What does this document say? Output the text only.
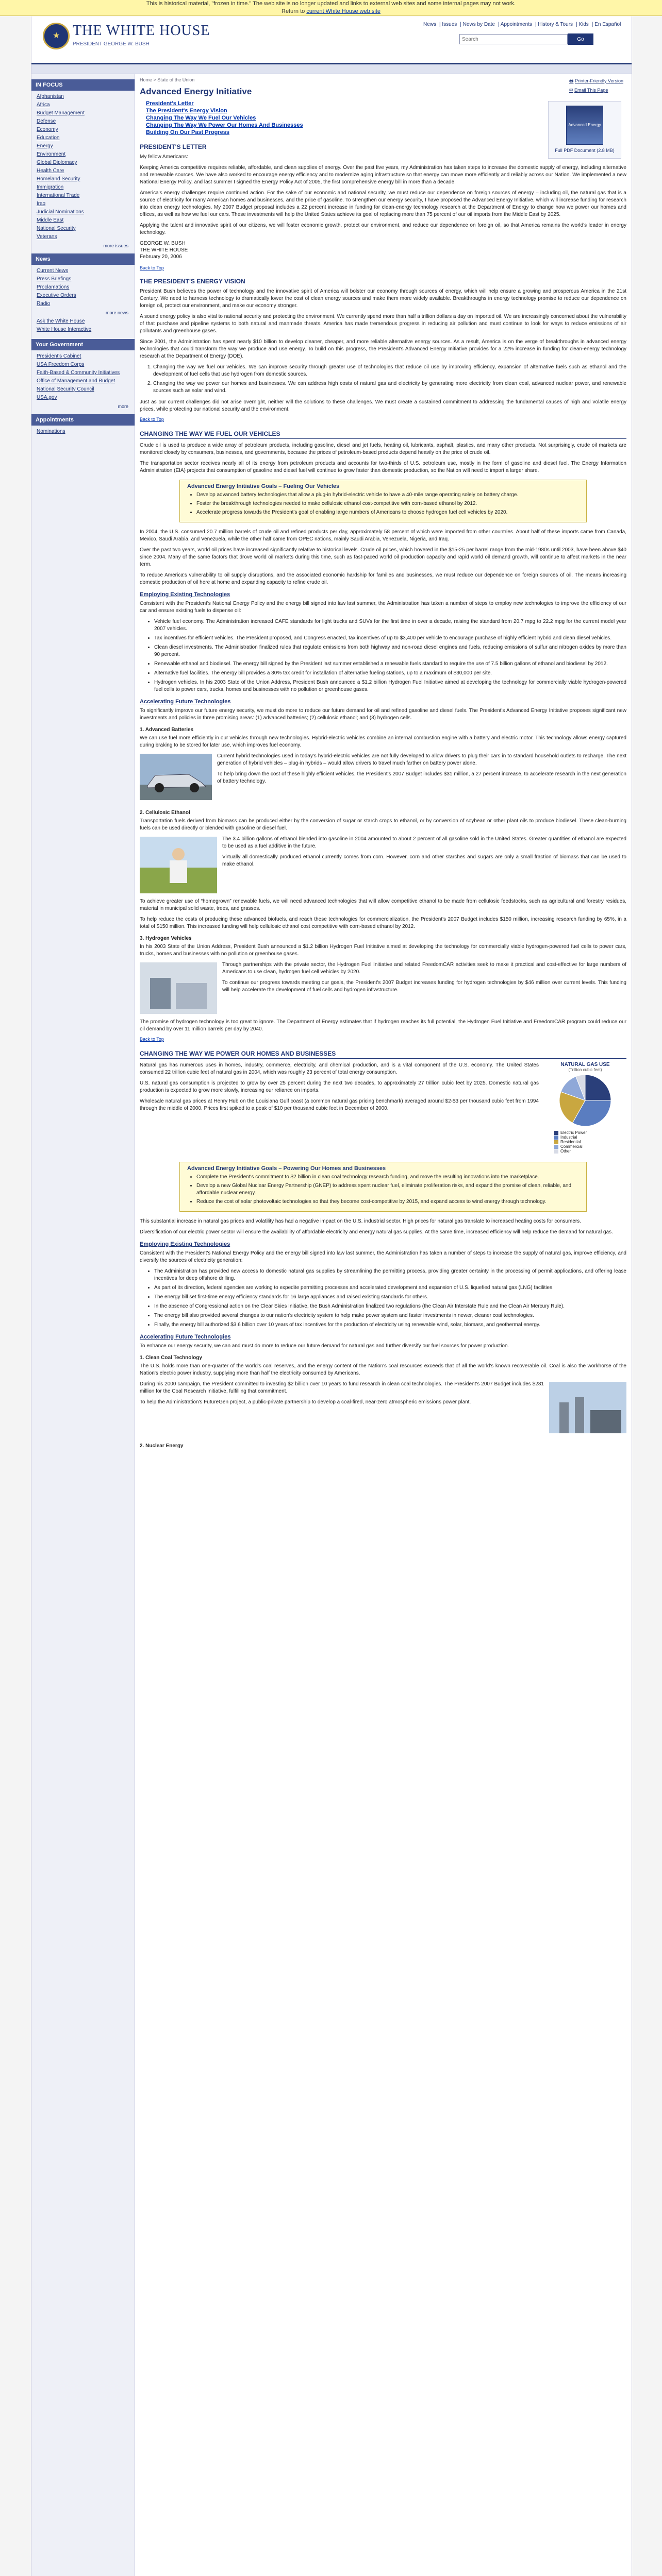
This is historical material, "frozen in time." The web site is no longer updated and links to external web sites and some internal pages may not work.
Return to current White House web site
★ THE WHITE HOUSE
PRESIDENT GEORGE W. BUSH
News | Issues | News by Date | Appointments | History & Tours | Kids | En Español
Search
Go
IN FOCUS
Afghanistan
Africa
Budget Management
Defense
Economy
Education
Energy
Environment
Global Diplomacy
Health Care
Homeland Security
Immigration
International Trade
Iraq
Judicial Nominations
Middle East
National Security
Veterans
more issues
News
Current News
Press Briefings
Proclamations
Executive Orders
Radio
more news
Ask the White House
White House Interactive
Your Government
President's Cabinet
USA Freedom Corps
Faith-Based & Community Initiatives
Office of Management and Budget
National Security Council
USA.gov
more
Appointments
Nominations
Home > State of the Union	🖶 Printer-Friendly Version
✉ Email This Page
Advanced Energy Initiative
President's Letter
The President's Energy Vision
Changing The Way We Fuel Our Vehicles
Changing The Way We Power Our Homes And Businesses
Building On Our Past Progress
Advanced Energy Initiative
Full PDF Document (2.8 MB)
PRESIDENT'S LETTER

My fellow Americans:

Keeping America competitive requires reliable, affordable, and clean supplies of energy. Over the past five years, my Administration has taken steps to increase the domestic supply of energy, including alternative and renewable sources. We have also worked to encourage energy efficiency and to modernize aging infrastructure so that energy can move more efficiently and reliably across our Nation. We implemented a new National Energy Policy, and last summer I signed the Energy Policy Act of 2005, the first comprehensive energy bill in more than a decade.

America's energy challenges require continued action. For the sake of our economic and national security, we must reduce our dependence on foreign sources of energy – including oil, the natural gas that is a source of electricity for many American homes and businesses, and the price of gasoline. To strengthen our energy security, I have proposed the Advanced Energy Initiative, which will increase funding for research into clean energy technologies. My 2007 Budget proposal includes a 22 percent increase in funding for clean-energy technology research at the Department of Energy to change how we power our homes and offices, as well as how we fuel our cars. These investments will help the United States achieve its goal of replacing more than 75 percent of our oil imports from the Middle East by 2025.

Applying the talent and innovative spirit of our citizens, we will foster economic growth, protect our environment, and reduce our dependence on foreign oil, so that America remains the world's leader in energy technology.

GEORGE W. BUSH
THE WHITE HOUSE
February 20, 2006
Back to Top
THE PRESIDENT'S ENERGY VISION

President Bush believes the power of technology and the innovative spirit of America will bolster our economy through sources of energy, which will help ensure a growing and prosperous America in the 21st Century. We need to harness technology to dramatically lower the cost of clean energy sources and make them more widely available. Breakthroughs in energy technology promise to reduce our dependence on foreign oil, protect our environment, and make our economy stronger.

A sound energy policy is also vital to national security and protecting the environment. We currently spend more than half a trillion dollars a day on imported oil. We are increasingly concerned about the vulnerability of that purchase and pipeline systems to both natural and manmade threats. America has made tremendous progress in reducing air pollution and must continue to look for ways to reduce emissions of air pollutants and greenhouse gases.

Since 2001, the Administration has spent nearly $10 billion to develop cleaner, cheaper, and more reliable alternative energy sources. As a result, America is on the verge of breakthroughs in advanced energy technologies that could transform the way we produce and use energy. To build on this progress, the President's Advanced Energy Initiative provides for a 22% increase in funding for clean-energy technology research at the Department of Energy (DOE).

1. Changing the way we fuel our vehicles. We can improve security through greater use of technologies that reduce oil use by improving efficiency, expansion of alternative fuels such as ethanol and the development of fuel cells that use hydrogen from domestic sources.
2. Changing the way we power our homes and businesses. We can address high costs of natural gas and electricity by generating more electricity from clean coal, advanced nuclear power, and renewable sources such as solar and wind.

Just as our current challenges did not arise overnight, neither will the solutions to these challenges. We must create a sustained commitment to addressing the fundamental causes of high and volatile energy prices, while protecting our national security and the environment.

Back to Top
CHANGING THE WAY WE FUEL OUR VEHICLES

Crude oil is used to produce a wide array of petroleum products, including gasoline, diesel and jet fuels, heating oil, lubricants, asphalt, plastics, and many other products. Not surprisingly, crude oil markets are monitored closely by consumers, businesses, and governments, because the prices of petroleum-based products depend heavily on the price of crude oil.

The transportation sector receives nearly all of its energy from petroleum products and accounts for two-thirds of U.S. petroleum use, mostly in the form of gasoline and diesel fuel. The Energy Information Administration (EIA) projects that consumption of gasoline and diesel fuel will continue to grow faster than domestic production, so the Nation will need to import a larger share.

Advanced Energy Initiative Goals – Fueling Our Vehicles
• Develop advanced battery technologies that allow a plug-in hybrid-electric vehicle to have a 40-mile range operating solely on battery charge.
• Foster the breakthrough technologies needed to make cellulosic ethanol cost-competitive with corn-based ethanol by 2012.
• Accelerate progress towards the President's goal of enabling large numbers of Americans to choose hydrogen fuel cell vehicles by 2020.

In 2004, the U.S. consumed 20.7 million barrels of crude oil and refined products per day, approximately 58 percent of which were imported from other countries. About half of these imports came from Canada, Mexico, Saudi Arabia, and Venezuela, while the other half came from OPEC nations, mainly Saudi Arabia, Venezuela, Nigeria, and Iraq.

Over the past two years, world oil prices have increased significantly relative to historical levels. Crude oil prices, which hovered in the $15-25 per barrel range from the mid-1980s until 2003, have been above $40 since 2004. Many of the same factors that drove world oil markets during this time, such as fast-paced world oil production capacity and rapid world oil demand growth, will continue to affect markets in the near term.

To reduce America's vulnerability to oil supply disruptions, and the associated economic hardship for families and businesses, we must reduce our dependence on foreign sources of oil. The means increasing domestic production of oil here at home and expanding capacity to refine crude oil.

Employing Existing Technologies

Consistent with the President's National Energy Policy and the energy bill signed into law last summer, the Administration has taken a number of steps to employ new technologies to improve the efficiency of our car and ensure existing fuels to dispense oil:

• Vehicle fuel economy. The Administration increased CAFE standards for light trucks and SUVs for the first time in over a decade, raising the standard from 20.7 mpg to 22.2 mpg for the current model year 2007 vehicles.
• Tax incentives for efficient vehicles. The President proposed, and Congress enacted, tax incentives of up to $3,400 per vehicle to encourage purchase of highly efficient hybrid and clean diesel vehicles.
• Clean diesel investments. The Administration finalized rules that regulate emissions from both highway and non-road diesel engines and fuels, reducing emissions of sulfur and nitrogen oxides by more than 90 percent.
• Renewable ethanol and biodiesel. The energy bill signed by the President last summer established a renewable fuels standard to require the use of 7.5 billion gallons of ethanol and biodiesel by 2012.
• Alternative fuel facilities. The energy bill provides a 30% tax credit for installation of alternative fueling stations, up to a maximum of $30,000 per site.
• Hydrogen vehicles. In his 2003 State of the Union Address, President Bush announced a $1.2 billion Hydrogen Fuel Initiative aimed at developing the technology for commercially viable hydrogen-powered fuel cells to power cars, trucks, homes and businesses with no pollution or greenhouse gases.
Accelerating Future Technologies

To significantly improve our future energy security, we must do more to reduce our future demand for oil and refined gasoline and diesel fuels. The President's Advanced Energy Initiative proposes significant new investments and policies in three promising areas: (1) advanced batteries; (2) cellulosic ethanol; and (3) hydrogen cells.

1. Advanced Batteries

We can use fuel more efficiently in our vehicles through new technologies. Hybrid-electric vehicles combine an internal combustion engine with a battery and electric motor. This technology allows energy captured during braking to be stored for later use, which improves fuel economy.

Current hybrid technologies used in today's hybrid-electric vehicles are not fully developed to allow drivers to plug their cars in to standard household outlets to recharge. The next generation of hybrid vehicles – plug-in hybrids – would allow drivers to travel much farther on battery power alone.

To help bring down the cost of these highly efficient vehicles, the President's 2007 Budget includes $31 million, a 27 percent increase, to accelerate research in the next generation of battery technology.

2. Cellulosic Ethanol

Transportation fuels derived from biomass can be produced either by the conversion of sugar or starch crops to ethanol, or by conversion of soybean or other plant oils to produce biodiesel. These clean-burning fuels can be used directly or blended with gasoline or diesel fuel.

The 3.4 billion gallons of ethanol blended into gasoline in 2004 amounted to about 2 percent of all gasoline sold in the United States. Greater quantities of ethanol are expected to be used as a fuel additive in the future.

Virtually all domestically produced ethanol currently comes from corn. However, corn and other starches and sugars are only a small fraction of biomass that can be used to make ethanol.

To achieve greater use of “homegrown” renewable fuels, we will need advanced technologies that will allow competitive ethanol to be made from cellulosic feedstocks, such as agricultural and forestry residues, material in municipal solid waste, trees, and grasses.

To help reduce the costs of producing these advanced biofuels, and reach these technologies for commercialization, the President's 2007 Budget includes $150 million, increasing research funding by 65%, in a total of $150 million. This increased funding will help cellulosic ethanol cost competitive with corn-based ethanol by 2012.

3. Hydrogen Vehicles

In his 2003 State of the Union Address, President Bush announced a $1.2 billion Hydrogen Fuel Initiative aimed at developing the technology for commercially viable hydrogen-powered fuel cells to power cars, trucks, homes and businesses with no pollution or greenhouse gases.

Through partnerships with the private sector, the Hydrogen Fuel Initiative and related FreedomCAR activities seek to make it practical and cost-effective for large numbers of Americans to use clean, hydrogen fuel cell vehicles by 2020.

To continue our progress towards meeting our goals, the President's 2007 Budget increases funding for hydrogen technologies by $46 million over current levels. This funding will help accelerate the development of fuel cells and hydrogen infrastructure.

The promise of hydrogen technology is too great to ignore. The Department of Energy estimates that if hydrogen reaches its full potential, the Hydrogen Fuel Initiative and FreedomCAR program could reduce our oil demand by over 11 million barrels per day by 2040.

Back to Top
CHANGING THE WAY WE POWER OUR HOMES AND BUSINESSES
NATURAL GAS USE
(Trillion cubic feet)
Electric Power
Industrial
Residential
Commercial
Other

Natural gas has numerous uses in homes, industry, commerce, electricity, and chemical production, and is a vital component of the U.S. economy. The United States consumed 22 trillion cubic feet of natural gas in 2004, which was roughly 23 percent of total energy consumption.

U.S. natural gas consumption is projected to grow by over 25 percent during the next two decades, to approximately 27 trillion cubic feet by 2025. Domestic natural gas production is expected to grow more slowly, increasing our reliance on imports.

Wholesale natural gas prices at Henry Hub on the Louisiana Gulf coast (a common natural gas pricing benchmark) averaged around $2-$3 per thousand cubic feet from 1994 through the middle of 2000. Prices first spiked to a peak of $10 per thousand cubic feet in December of 2000.

Advanced Energy Initiative Goals – Powering Our Homes and Businesses
• Complete the President's commitment to $2 billion in clean coal technology research funding, and move the resulting innovations into the marketplace.
• Develop a new Global Nuclear Energy Partnership (GNEP) to address spent nuclear fuel, eliminate proliferation risks, and expand the promise of clean, reliable, and affordable nuclear energy.
• Reduce the cost of solar photovoltaic technologies so that they become cost-competitive by 2015, and expand access to wind energy through technology.

This substantial increase in natural gas prices and volatility has had a negative impact on the U.S. industrial sector. High prices for natural gas translate to increased heating costs for consumers.

Diversification of our electric power sector will ensure the availability of affordable electricity and energy natural gas supplies. At the same time, increased efficiency will help reduce the demand for natural gas.

Employing Existing Technologies

Consistent with the President's National Energy Policy and the energy bill signed into law last summer, the Administration has taken a number of steps to increase the supply of natural gas, improve efficiency, and diversify the sources of electricity generation:

• The Administration has provided new access to domestic natural gas supplies by streamlining the permitting process, providing greater certainty in the processing of permit applications, and offering lease incentives for deep offshore drilling.
• As part of its direction, federal agencies are working to expedite permitting processes and accelerated development and expansion of U.S. liquefied natural gas (LNG) facilities.
• The energy bill set first-time energy efficiency standards for 16 large appliances and raised existing standards for others.
• In the absence of Congressional action on the Clear Skies Initiative, the Bush Administration finalized two regulations (the Clean Air Interstate Rule and the Clean Air Mercury Rule).
• The energy bill also provided several changes to our nation's electricity system to help make power system and faster investments in newer, cleaner coal technologies.
• Finally, the energy bill authorized $3.6 billion over 10 years of tax incentives for the production of electricity using renewable wind, solar, biomass, and geothermal energy.
Accelerating Future Technologies

To enhance our energy security, we can and must do more to reduce our future demand for natural gas and further diversify our fuel sources for power production.

1. Clean Coal Technology

The U.S. holds more than one-quarter of the world's coal reserves, and the energy content of the Nation's coal resources exceeds that of all the world's known recoverable oil. Coal is also the workhorse of the Nation's electric power industry, supplying more than half the electricity consumed by Americans.

During his 2000 campaign, the President committed to investing $2 billion over 10 years to fund research in clean coal technologies. The President's 2007 Budget includes $281 million for the Coal Research Initiative, fulfilling that commitment.

To help the Administration's FutureGen project, a public-private partnership to develop a coal-fired, near-zero atmospheric emissions power plant.

2. Nuclear Energy
